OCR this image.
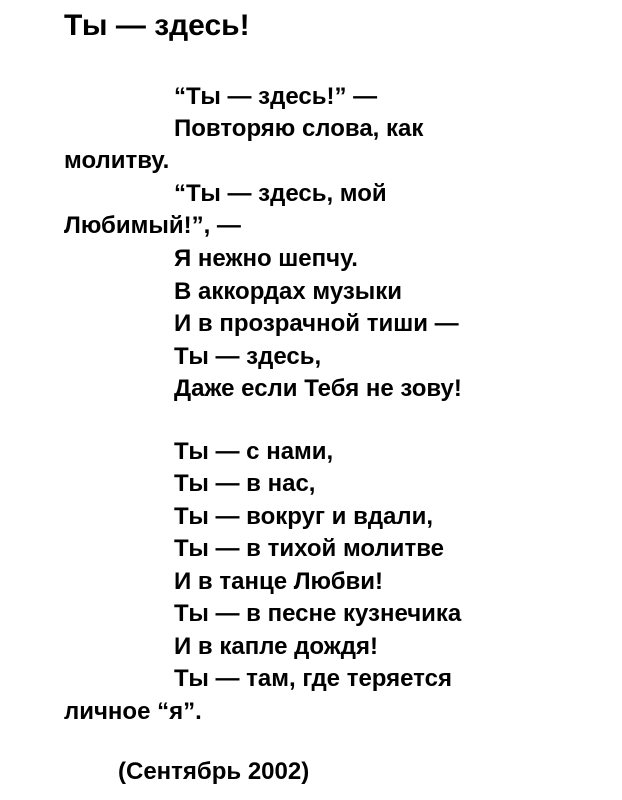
Ты — здесь!
“Ты — здесь!” —
Повторяю слова, как
молитву.
“Ты — здесь, мой
Любимый!”, —
Я нежно шепчу.
В аккордах музыки
И в прозрачной тиши —
Ты — здесь,
Даже если Тебя не зову!
Ты — с нами,
Ты — в нас,
Ты — вокруг и вдали,
Ты — в тихой молитве
И в танце Любви!
Ты — в песне кузнечика
И в капле дождя!
Ты — там, где теряется
личное “я”.
(Сентябрь 2002)
